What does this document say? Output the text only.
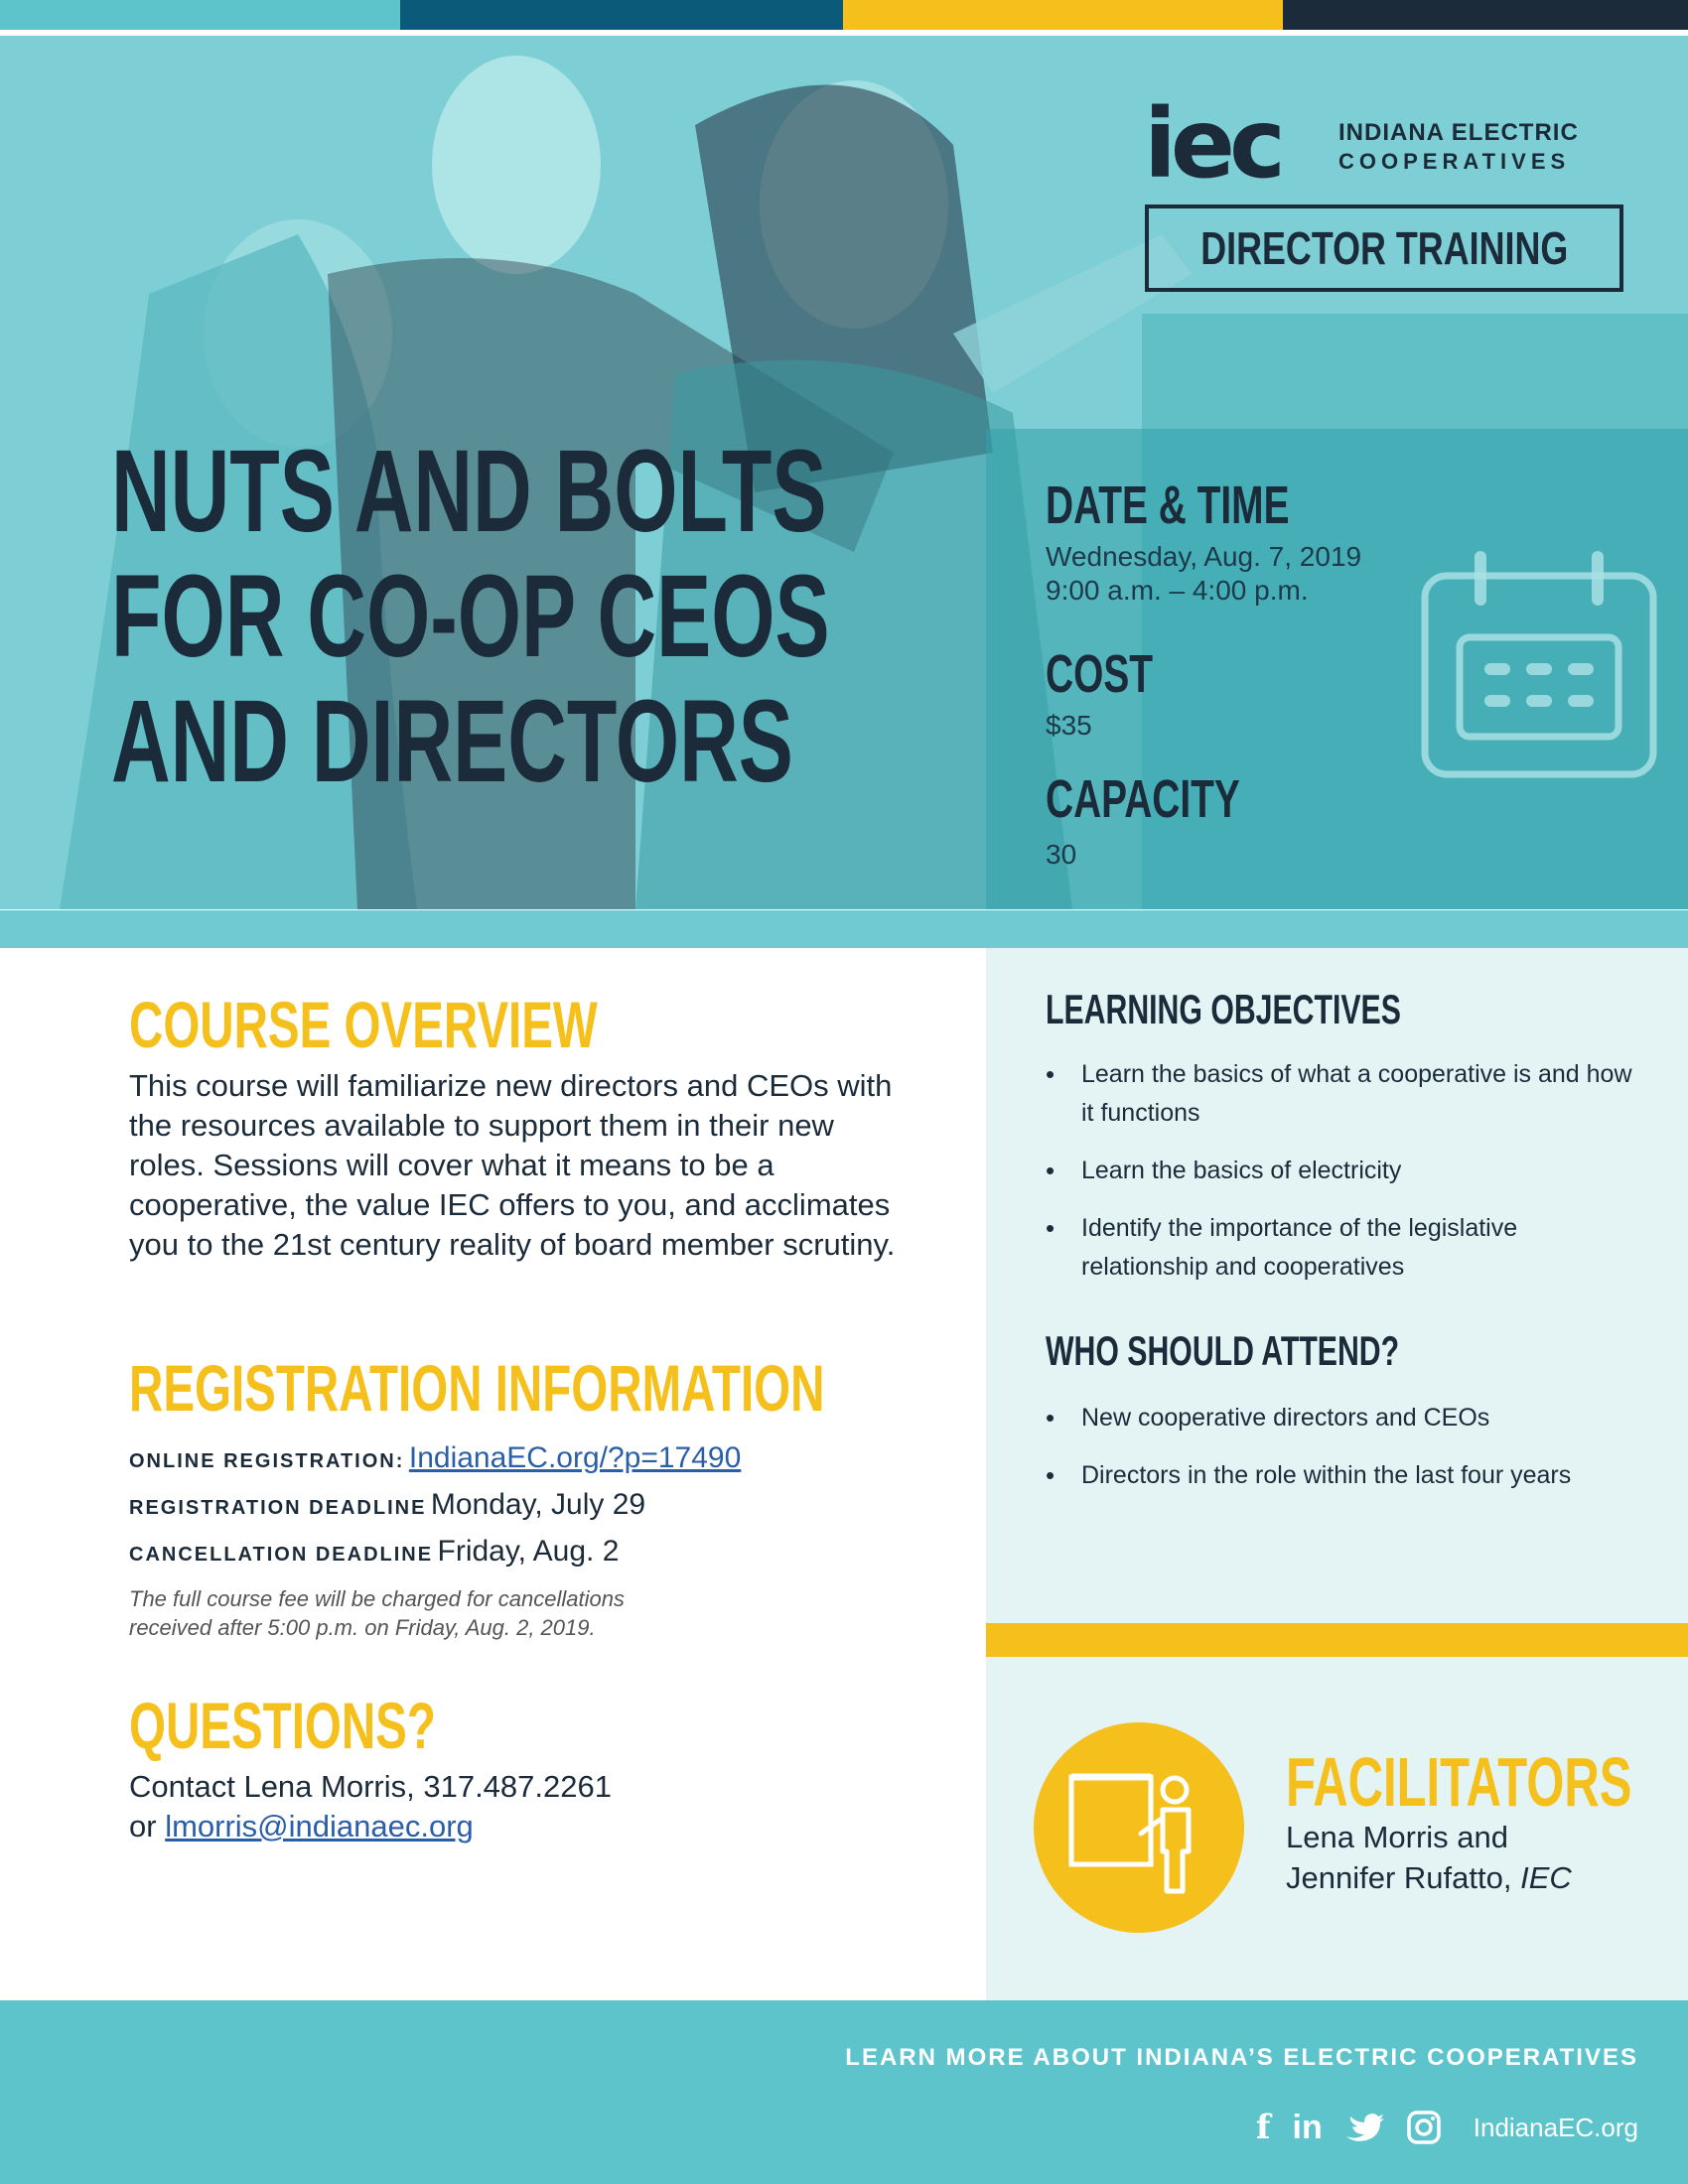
iec INDIANA ELECTRIC
COOPERATIVES
DIRECTOR TRAINING
NUTS AND BOLTS
FOR CO-OP CEOS
AND DIRECTORS
DATE & TIME
Wednesday, Aug. 7, 2019
9:00 a.m. – 4:00 p.m.
COST
$35
CAPACITY
30
COURSE OVERVIEW
This course will familiarize new directors and CEOs with the resources available to support them in their new roles. Sessions will cover what it means to be a cooperative, the value IEC offers to you, and acclimates you to the 21st century reality of board member scrutiny.
REGISTRATION INFORMATION
ONLINE REGISTRATION: IndianaEC.org/?p=17490
REGISTRATION DEADLINE Monday, July 29
CANCELLATION DEADLINE Friday, Aug. 2
The full course fee will be charged for cancellations
received after 5:00 p.m. on Friday, Aug. 2, 2019.
QUESTIONS?
Contact Lena Morris, 317.487.2261
or lmorris@indianaec.org
LEARNING OBJECTIVES
• Learn the basics of what a cooperative is and how it functions
• Learn the basics of electricity
• Identify the importance of the legislative relationship and cooperatives
WHO SHOULD ATTEND?
• New cooperative directors and CEOs
• Directors in the role within the last four years
FACILITATORS
Lena Morris and
Jennifer Rufatto, IEC
LEARN MORE ABOUT INDIANA’S ELECTRIC COOPERATIVES
f in	IndianaEC.org
